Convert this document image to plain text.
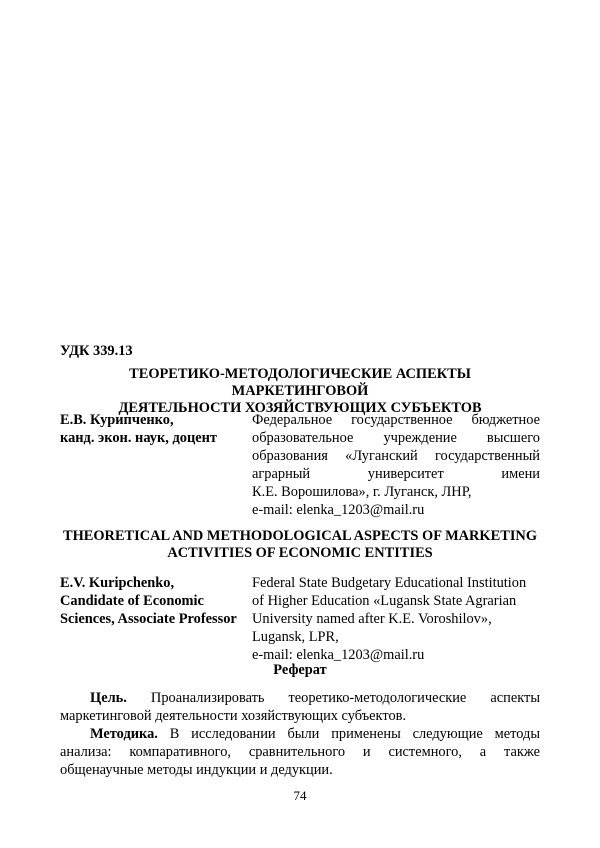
УДК 339.13
ТЕОРЕТИКО-МЕТОДОЛОГИЧЕСКИЕ АСПЕКТЫ МАРКЕТИНГОВОЙ
ДЕЯТЕЛЬНОСТИ ХОЗЯЙСТВУЮЩИХ СУБЪЕКТОВ
Е.В. Курипченко,
канд. экон. наук, доцент

Федеральное государственное бюджетное

образовательное учреждение высшего

образования «Луганский государственный

аграрный университет имени

К.Е. Ворошилова», г. Луганск, ЛНР,

e-mail: elenka_1203@mail.ru

THEORETICAL AND METHODOLOGICAL ASPECTS OF MARKETING
ACTIVITIES OF ECONOMIC ENTITIES
E.V. Kuripchenko,
Candidate of Economic
Sciences, Associate Professor

Federal State Budgetary Educational Institution

of Higher Education «Lugansk State Agrarian

University named after K.E. Voroshilov»,

Lugansk, LPR,

e-mail: elenka_1203@mail.ru

Реферат

Цель. Проанализировать теоретико-методологические аспекты маркетинговой деятельности хозяйствующих субъектов.

Методика. В исследовании были применены следующие методы анализа: компаративного, сравнительного и системного, а также общенаучные методы индукции и дедукции.

74
